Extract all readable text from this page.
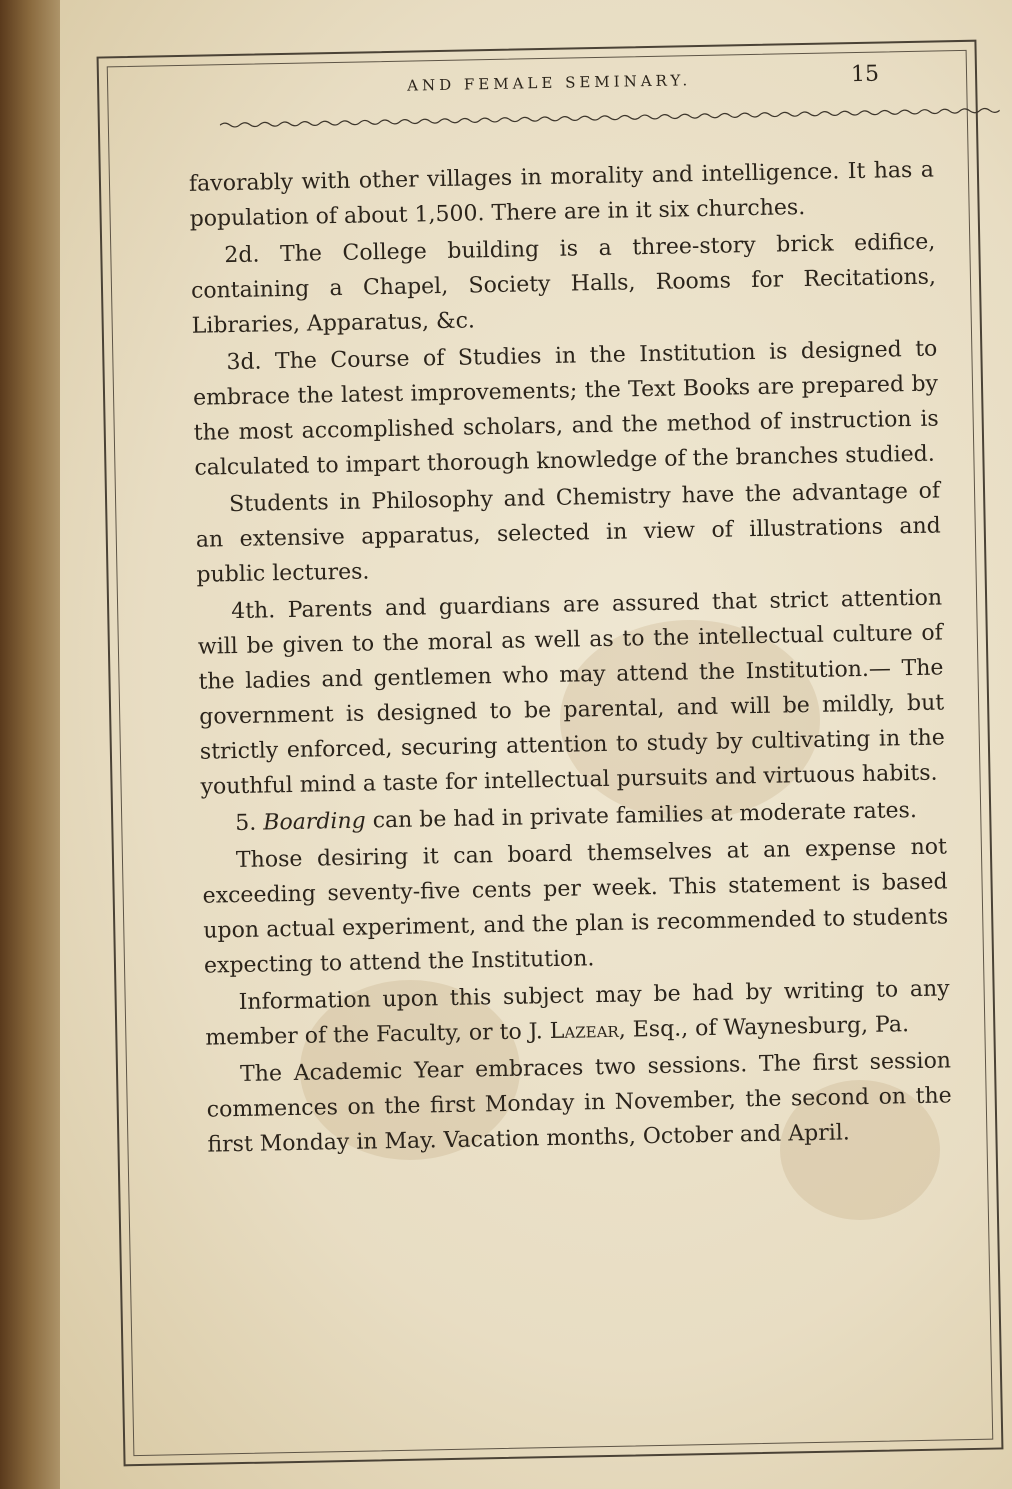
AND FEMALE SEMINARY.	15

favorably with other villages in morality and intelligence. It has a population of about 1,500. There are in it six churches.

2d. The College building is a three-story brick edifice, containing a Chapel, Society Halls, Rooms for Recitations, Libraries, Apparatus, &c.

3d. The Course of Studies in the Institution is designed to embrace the latest improvements; the Text Books are prepared by the most accomplished scholars, and the method of instruction is calculated to impart thorough knowledge of the branches studied.

Students in Philosophy and Chemistry have the advantage of an extensive apparatus, selected in view of illustrations and public lectures.

4th. Parents and guardians are assured that strict attention will be given to the moral as well as to the intellectual culture of the ladies and gentlemen who may attend the Institution.— The government is designed to be parental, and will be mildly, but strictly enforced, securing attention to study by cultivating in the youthful mind a taste for intellectual pursuits and virtuous habits.

5. Boarding can be had in private families at moderate rates.

Those desiring it can board themselves at an expense not exceeding seventy-five cents per week. This statement is based upon actual experiment, and the plan is recommended to students expecting to attend the Institution.

Information upon this subject may be had by writing to any member of the Faculty, or to J. Lazear, Esq., of Waynesburg, Pa.

The Academic Year embraces two sessions. The first session commences on the first Monday in November, the second on the first Monday in May. Vacation months, October and April.
